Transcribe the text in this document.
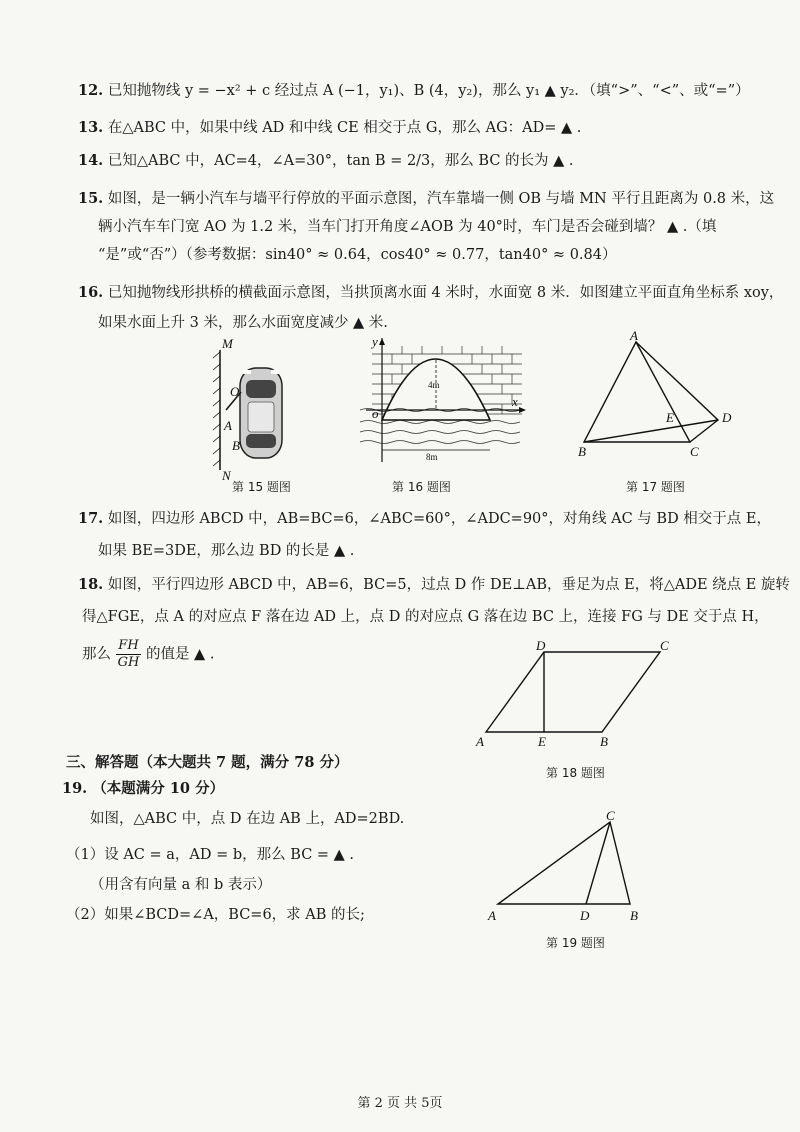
12. 已知抛物线 y = −x² + c 经过点 A (−1，y₁)、B (4，y₂)，那么 y₁ ▲ y₂．（填“>”、“<”、或“=”）
13. 在△ABC 中，如果中线 AD 和中线 CE 相交于点 G，那么 AG：AD= ▲ .
14. 已知△ABC 中，AC=4，∠A=30°，tan B = 2/3，那么 BC 的长为 ▲ .
15. 如图，是一辆小汽车与墙平行停放的平面示意图，汽车靠墙一侧 OB 与墙 MN 平行且距离为 0.8 米，这
辆小汽车车门宽 AO 为 1.2 米，当车门打开角度∠AOB 为 40°时，车门是否会碰到墙？ ▲ .（填
“是”或“否”）（参考数据：sin40° ≈ 0.64，cos40° ≈ 0.77，tan40° ≈ 0.84）
16. 已知抛物线形拱桥的横截面示意图，当拱顶离水面 4 米时，水面宽 8 米．如图建立平面直角坐标系 xoy，
如果水面上升 3 米，那么水面宽度减少 ▲ 米.
M
O
A
B
N
第 15 题图
y
o
x
4m
8m
第 16 题图
A
B	C
D
E
第 17 题图
17. 如图，四边形 ABCD 中，AB=BC=6，∠ABC=60°，∠ADC=90°，对角线 AC 与 BD 相交于点 E，
如果 BE=3DE，那么边 BD 的长是 ▲ .
18. 如图，平行四边形 ABCD 中，AB=6，BC=5，过点 D 作 DE⊥AB，垂足为点 E，将△ADE 绕点 E 旋转
得△FGE，点 A 的对应点 F 落在边 AD 上，点 D 的对应点 G 落在边 BC 上，连接 FG 与 DE 交于点 H，
那么 $\frac{FH}{GH}$ 的值是 ▲ .
D	C
A	E	B
第 18 题图
三、解答题（本大题共 7 题，满分 78 分）
19. （本题满分 10 分）
如图，△ABC 中，点 D 在边 AB 上，AD=2BD.
（1）设 AC = a，AD = b，那么 BC = ▲ .
（用含有向量 a 和 b 表示）
（2）如果∠BCD=∠A，BC=6，求 AB 的长;
C
A	D	B
第 19 题图
第 2 页 共 5页
